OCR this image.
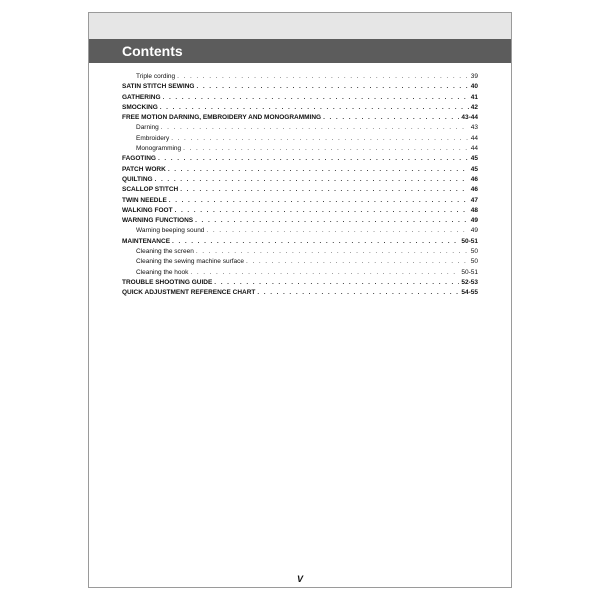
Contents
Triple cording . . .	39
SATIN STITCH SEWING . . .	40
GATHERING . . .	41
SMOCKING . . .	42
FREE MOTION DARNING, EMBROIDERY AND MONOGRAMMING . . .	43-44
Darning . . .	43
Embroidery . . .	44
Monogramming . . .	44
FAGOTING . . .	45
PATCH WORK . . .	45
QUILTING . . .	46
SCALLOP STITCH . . .	46
TWIN NEEDLE . . .	47
WALKING FOOT . . .	48
WARNING FUNCTIONS . . .	49
Warning beeping sound . . .	49
MAINTENANCE . . .	50-51
Cleaning the screen . . .	50
Cleaning the sewing machine surface . . .	50
Cleaning the hook . . .	50-51
TROUBLE SHOOTING GUIDE . . .	52-53
QUICK ADJUSTMENT REFERENCE CHART . . .	54-55
V
